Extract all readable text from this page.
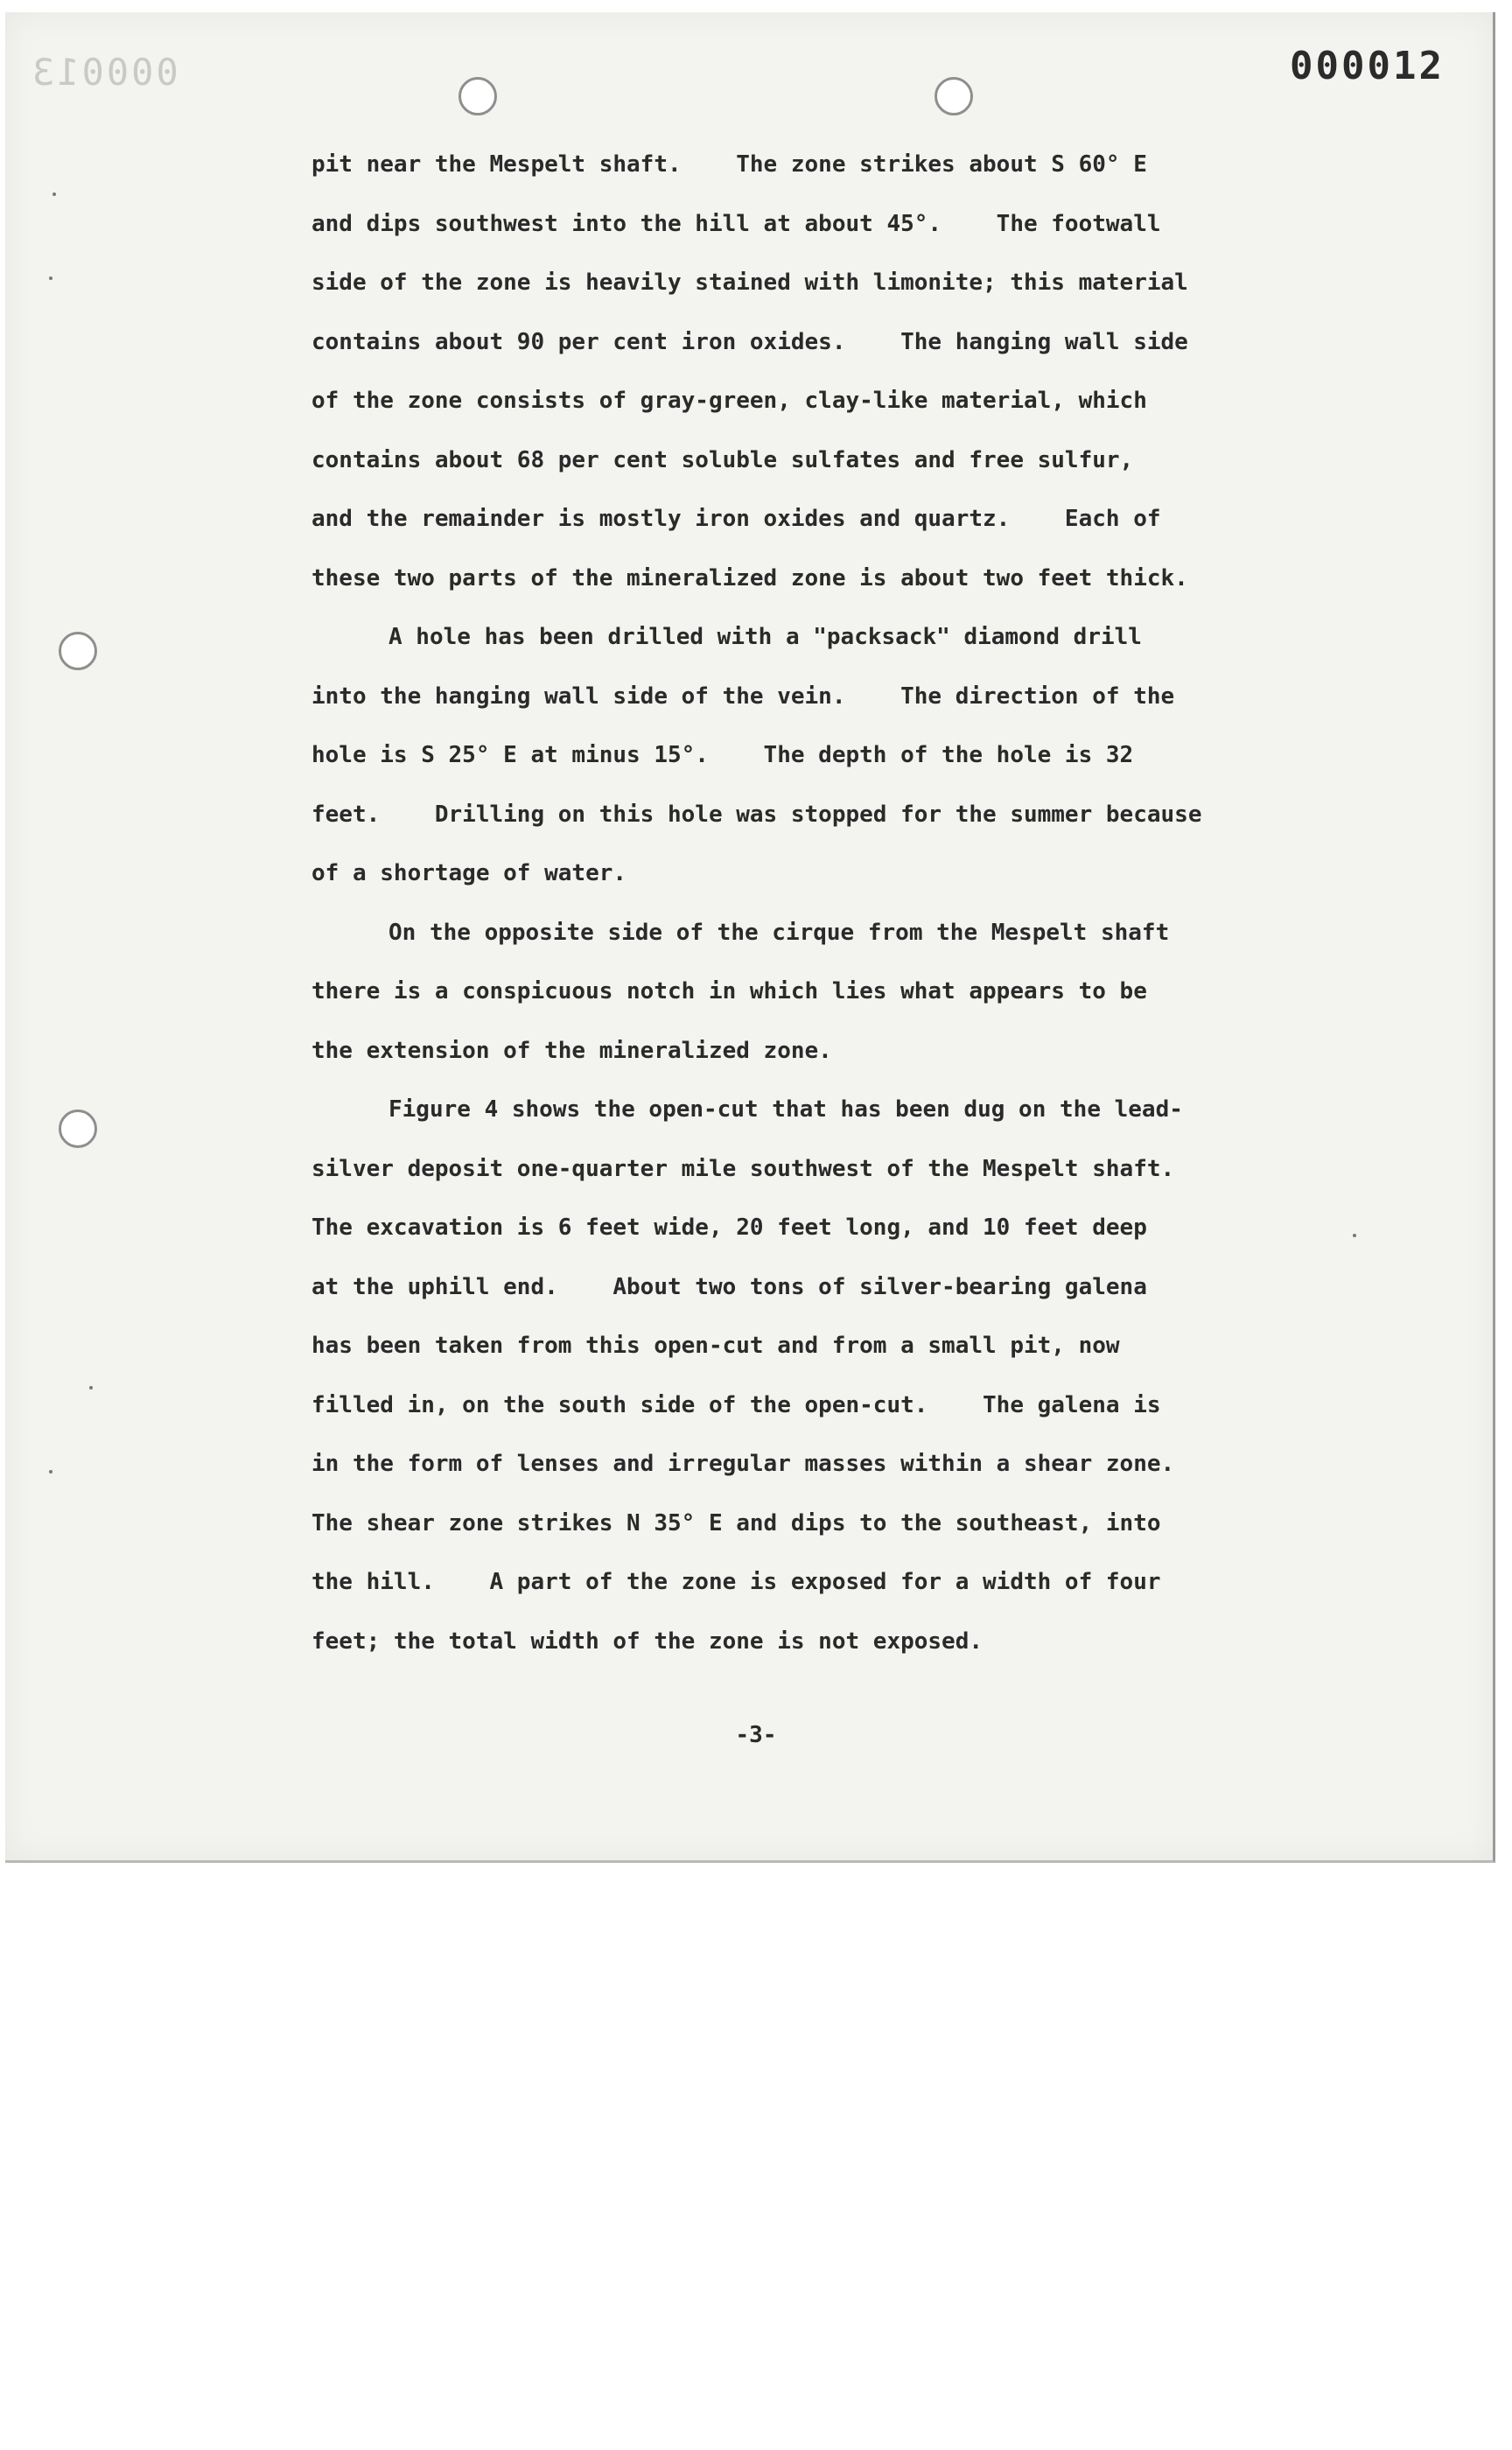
000013	000012
pit near the Mespelt shaft.    The zone strikes about S 60° E
and dips southwest into the hill at about 45°.    The footwall
side of the zone is heavily stained with limonite; this material
contains about 90 per cent iron oxides.    The hanging wall side
of the zone consists of gray-green, clay-like material, which
contains about 68 per cent soluble sulfates and free sulfur,
and the remainder is mostly iron oxides and quartz.    Each of
these two parts of the mineralized zone is about two feet thick.
A hole has been drilled with a "packsack" diamond drill
into the hanging wall side of the vein.    The direction of the
hole is S 25° E at minus 15°.    The depth of the hole is 32
feet.    Drilling on this hole was stopped for the summer because
of a shortage of water.
On the opposite side of the cirque from the Mespelt shaft
there is a conspicuous notch in which lies what appears to be
the extension of the mineralized zone.
Figure 4 shows the open-cut that has been dug on the lead-
silver deposit one-quarter mile southwest of the Mespelt shaft.
The excavation is 6 feet wide, 20 feet long, and 10 feet deep
at the uphill end.    About two tons of silver-bearing galena
has been taken from this open-cut and from a small pit, now
filled in, on the south side of the open-cut.    The galena is
in the form of lenses and irregular masses within a shear zone.
The shear zone strikes N 35° E and dips to the southeast, into
the hill.    A part of the zone is exposed for a width of four
feet; the total width of the zone is not exposed.
-3-
